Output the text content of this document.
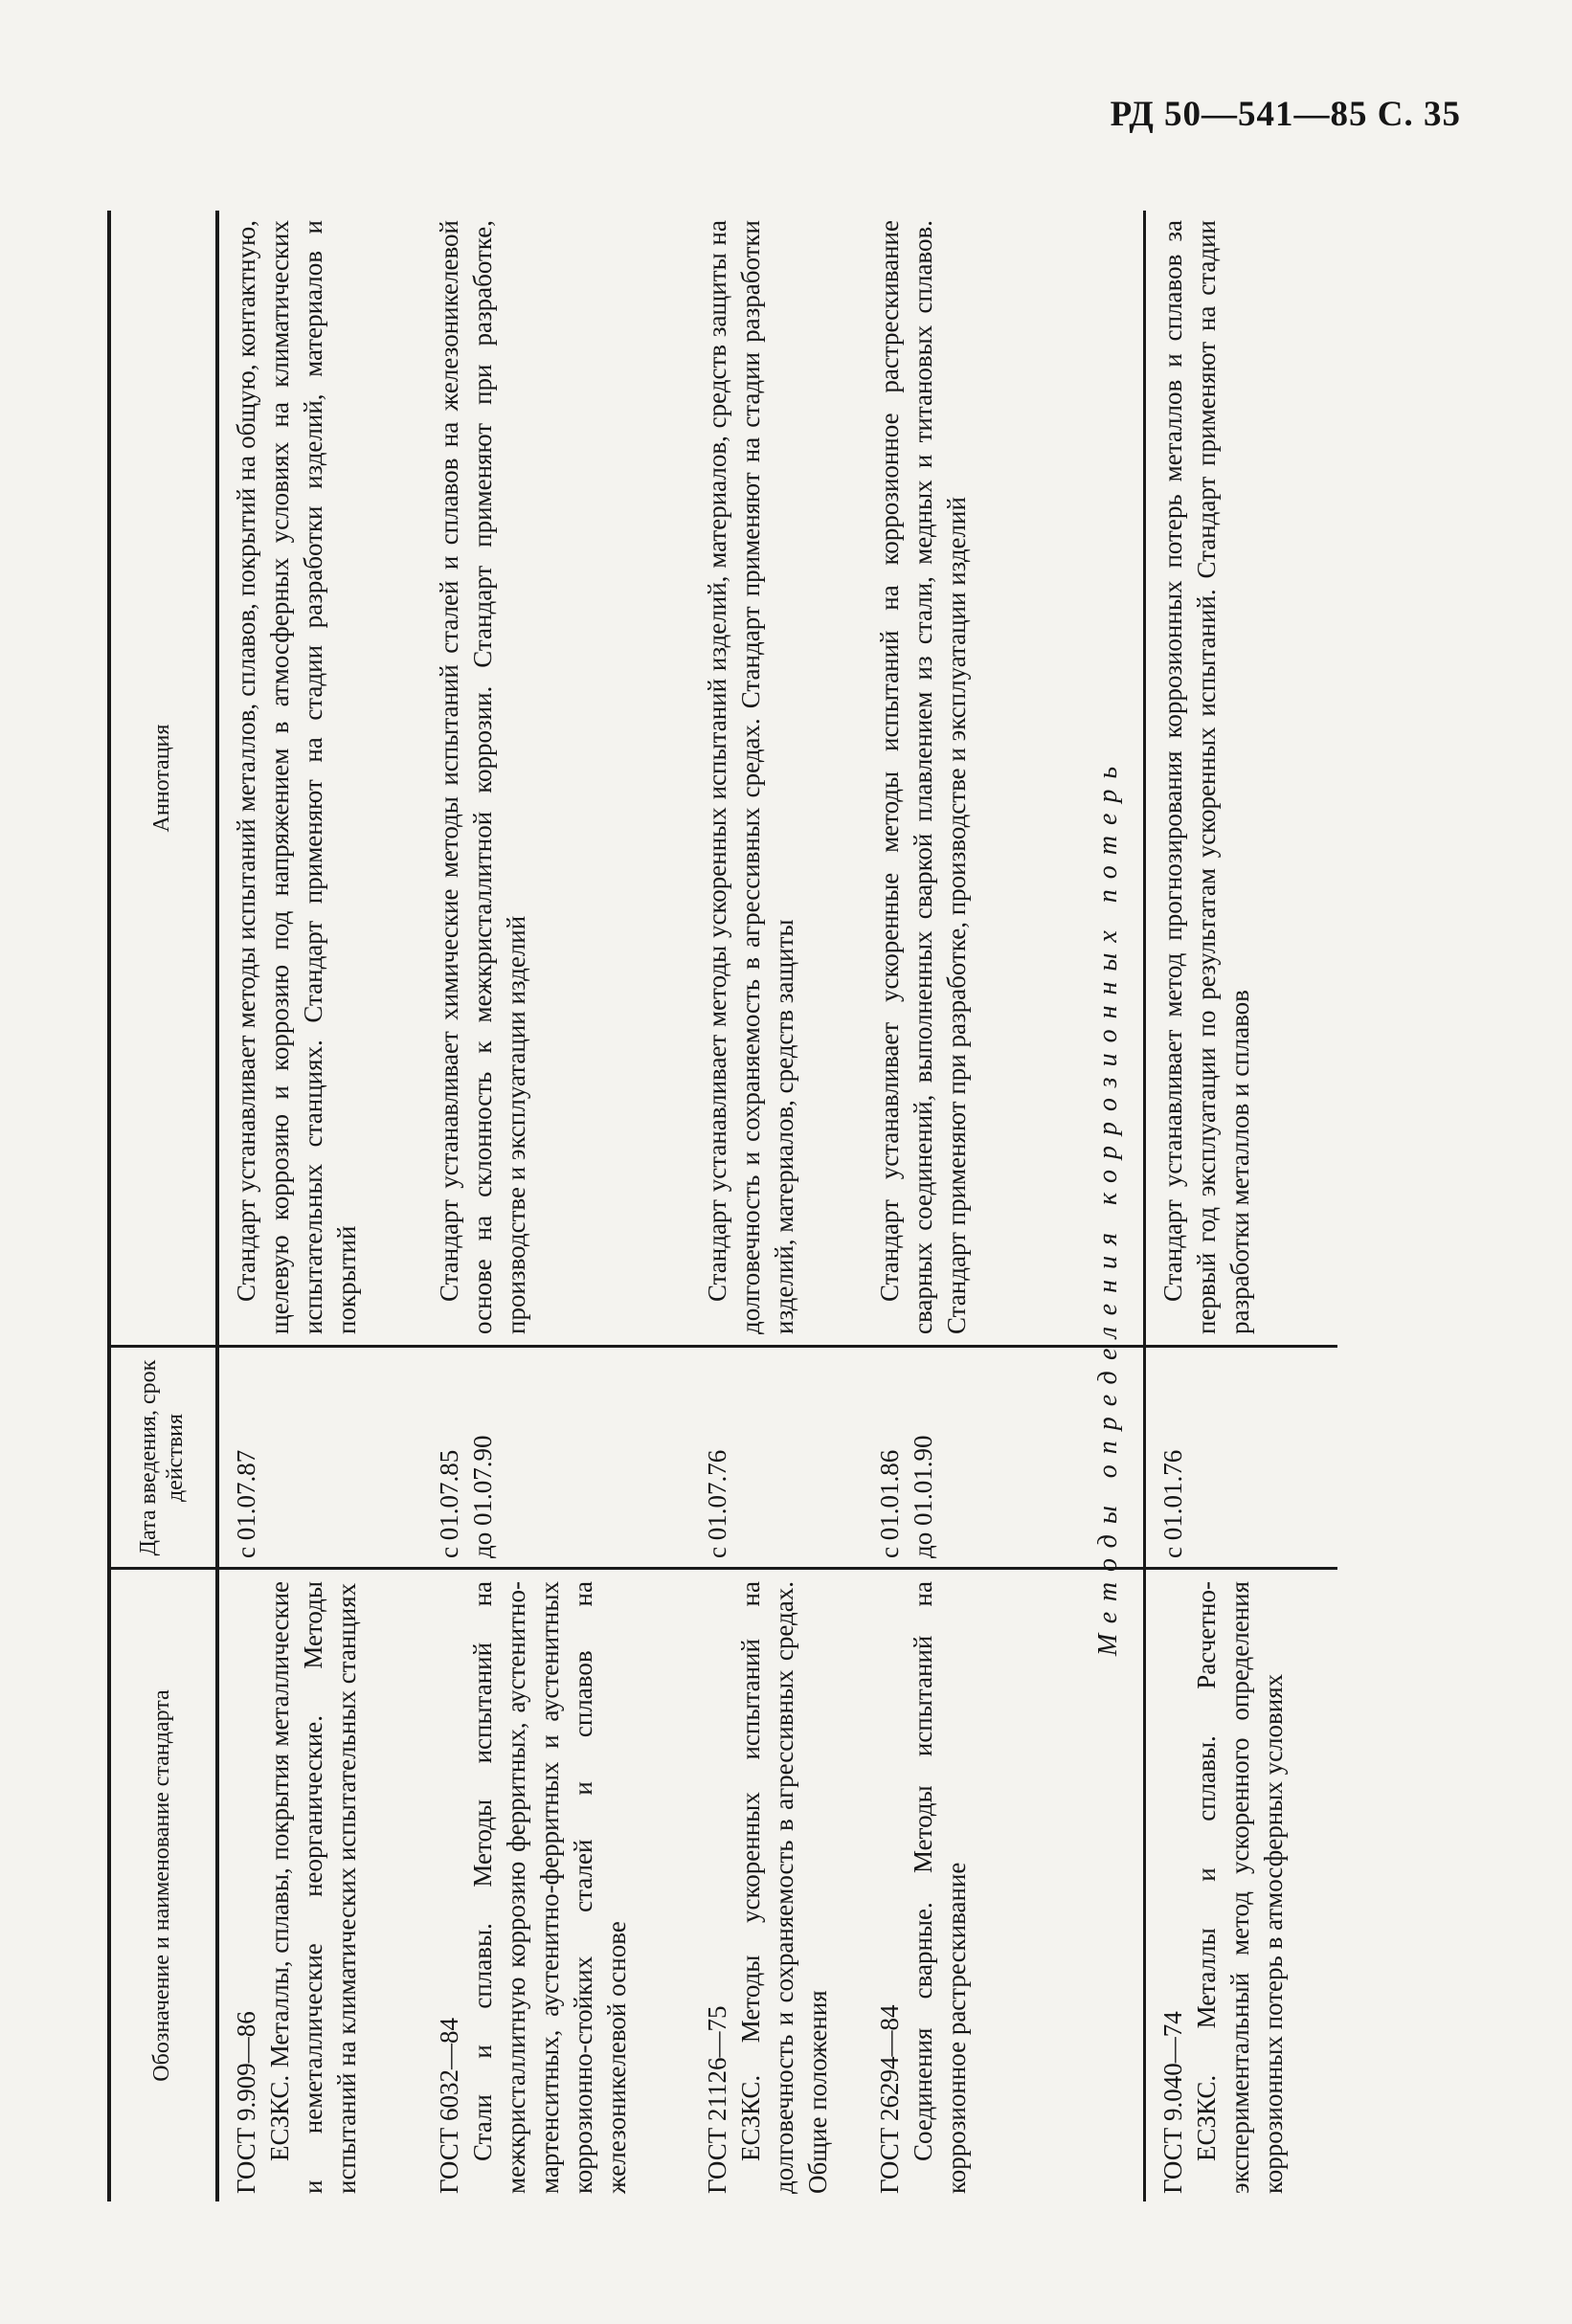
РД 50—541—85 С. 35
Обозначение и наименование стандарта
Дата введения, срок действия
Аннотация
ГОСТ 9.909—86 ЕСЗКС. Металлы, сплавы, покрытия металлические и неметаллические неорганические. Методы испытаний на климатических испытательных станциях

с 01.07.87
Стандарт устанавливает методы испытаний металлов, сплавов, покрытий на общую, контактную, щелевую коррозию и коррозию под напряжением в атмосферных условиях на климатических испытательных станциях. Стандарт применяют на стадии разработки изделий, материалов и покрытий
ГОСТ 6032—84 Стали и сплавы. Методы испытаний на межкристаллитную коррозию ферритных, аустенитно-мартенситных, аустенитно-ферритных и аустенитных коррозионно-стойких сталей и сплавов на железоникелевой основе

с 01.07.85 до 01.07.90
Стандарт устанавливает химические методы испытаний сталей и сплавов на железоникелевой основе на склонность к межкристаллитной коррозии. Стандарт применяют при разработке, производстве и эксплуатации изделий
ГОСТ 21126—75 ЕСЗКС. Методы ускоренных испытаний на долговечность и сохраняемость в агрессивных средах. Общие положения

с 01.07.76
Стандарт устанавливает методы ускоренных испытаний изделий, материалов, средств защиты на долговечность и сохраняемость в агрессивных средах. Стандарт применяют на стадии разработки изделий, материалов, средств защиты
ГОСТ 26294—84 Соединения сварные. Методы испытаний на коррозионное растрескивание

с 01.01.86 до 01.01.90
Стандарт устанавливает ускоренные методы испытаний на коррозионное растрескивание сварных соединений, выполненных сваркой плавлением из стали, медных и титановых сплавов. Стандарт применяют при разработке, производстве и эксплуатации изделий	Методы определения коррозионных потерь
ГОСТ 9.040—74 ЕСЗКС. Металлы и сплавы. Расчетно-экспериментальный метод ускоренного определения коррозионных потерь в атмосферных условиях

с 01.01.76
Стандарт устанавливает метод прогнозирования коррозионных потерь металлов и сплавов за первый год эксплуатации по результатам ускоренных испытаний. Стандарт применяют на стадии разработки металлов и сплавов
